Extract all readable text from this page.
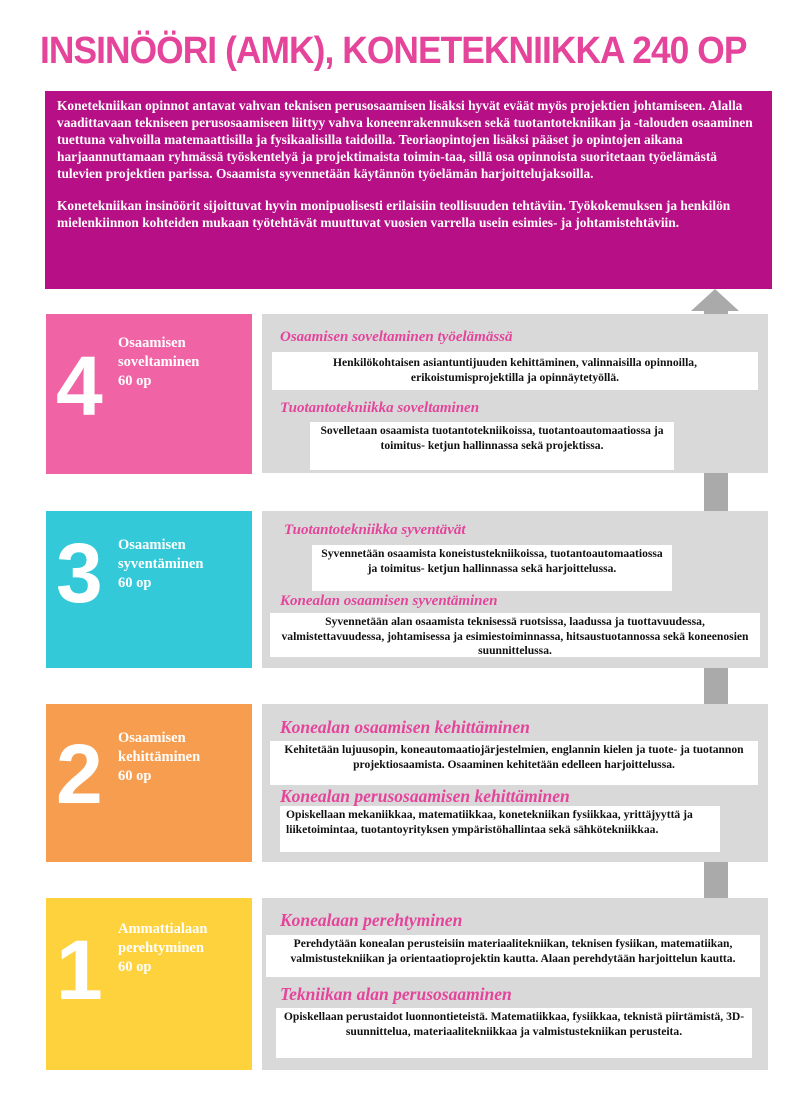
INSINÖÖRI (AMK), KONETEKNIIKKA 240 OP

Konetekniikan opinnot antavat vahvan teknisen perusosaamisen lisäksi hyvät eväät myös projektien johtamiseen. Alalla vaadittavaan tekniseen perusosaamiseen liittyy vahva koneenrakennuksen sekä tuotantotekniikan ja -talouden osaaminen tuettuna vahvoilla matemaattisilla ja fysikaalisilla taidoilla. Teoriaopintojen lisäksi pääset jo opintojen aikana harjaannuttamaan ryhmässä työskentelyä ja projektimaista toimin-taa, sillä osa opinnoista suoritetaan työelämästä tulevien projektien parissa. Osaamista syvennetään käytännön työelämän harjoittelujaksoilla.

Konetekniikan insinöörit sijoittuvat hyvin monipuolisesti erilaisiin teollisuuden tehtäviin. Työkokemuksen ja henkilön mielenkiinnon kohteiden mukaan työtehtävät muuttuvat vuosien varrella usein esimies- ja johtamistehtäviin.

4 Osaamisen
soveltaminen
60 op
Osaamisen soveltaminen työelämässä
Henkilökohtaisen asiantuntijuuden kehittäminen, valinnaisilla opinnoilla, erikoistumisprojektilla ja opinnäytetyöllä.
Tuotantotekniikka soveltaminen
Sovelletaan osaamista tuotantotekniikoissa, tuotantoautomaatiossa ja toimitus- ketjun hallinnassa sekä projektissa.
3 Osaamisen
syventäminen
60 op
Tuotantotekniikka syventävät
Syvennetään osaamista koneistustekniikoissa, tuotantoautomaatiossa ja toimitus- ketjun hallinnassa sekä harjoittelussa.
Konealan osaamisen syventäminen
Syvennetään alan osaamista teknisessä ruotsissa, laadussa ja tuottavuudessa, valmistettavuudessa, johtamisessa ja esimiestoiminnassa, hitsaustuotannossa sekä koneenosien suunnittelussa.
2 Osaamisen
kehittäminen
60 op
Konealan osaamisen kehittäminen
Kehitetään lujuusopin, koneautomaatiojärjestelmien, englannin kielen ja tuote- ja tuotannon projektiosaamista. Osaaminen kehitetään edelleen harjoittelussa.
Konealan perusosaamisen kehittäminen
Opiskellaan mekaniikkaa, matematiikkaa, konetekniikan fysiikkaa, yrittäjyyttä ja liiketoimintaa, tuotantoyrityksen ympäristöhallintaa sekä sähkötekniikkaa.
1 Ammattialaan
perehtyminen
60 op
Konealaan perehtyminen
Perehdytään konealan perusteisiin materiaalitekniikan, teknisen fysiikan, matematiikan, valmistustekniikan ja orientaatioprojektin kautta. Alaan perehdytään harjoittelun kautta.
Tekniikan alan perusosaaminen
Opiskellaan perustaidot luonnontieteistä. Matematiikkaa, fysiikkaa, teknistä piirtämistä, 3D-suunnittelua, materiaalitekniikkaa ja valmistustekniikan perusteita.
